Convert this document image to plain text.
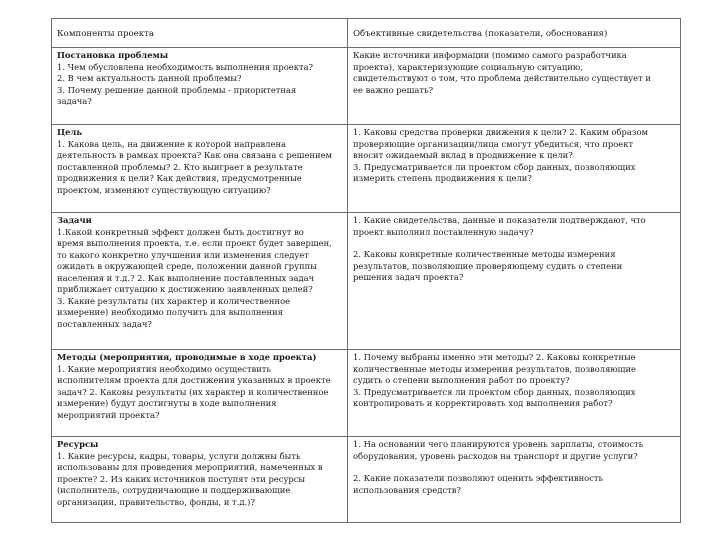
Компоненты проекта	Объективные свидетельства (показатели, обоснования)
Постановка проблемы
1. Чем обусловлена необходимость выполнения проекта?
2. В чем актуальность данной проблемы?
3. Почему решение данной проблемы - приоритетная
задача?
Какие источники информации (помимо самого разработчика
проекта), характеризующие социальную ситуацию,
свидетельствуют о том, что проблема действительно существует и
ее важно решать?
Цель
1. Какова цель, на движение к которой направлена
деятельность в рамках проекта? Как она связана с решением
поставленной проблемы? 2. Кто выиграет в результате
продвижения к цели? Как действия, предусмотренные
проектом, изменяют существующую ситуацию?
1. Каковы средства проверки движения к цели? 2. Каким образом
проверяющие организации/лица смогут убедиться, что проект
вносит ожидаемый вклад в продвижение к цели?
3. Предусматривается ли проектом сбор данных, позволяющих
измерить степень продвижения к цели?
Задачи
1.Какой конкретный эффект должен быть достигнут во
время выполнения проекта, т.е. если проект будет завершен,
то какого конкретно улучшения или изменения следует
ожидать в окружающей среде, положении данной группы
населения и т.д.? 2. Как выполнение поставленных задач
приближает ситуацию к достижению заявленных целей?
3. Какие результаты (их характер и количественное
измерение) необходимо получить для выполнения
поставленных задач?
1. Какие свидетельства, данные и показатели подтверждают, что
проект выполнил поставленную задачу?
2. Каковы конкретные количественные методы измерения
результатов, позволяющие проверяющему судить о степени
решения задач проекта?
Методы (мероприятия, проводимые в ходе проекта)
1. Какие мероприятия необходимо осуществить
исполнителям проекта для достижения указанных в проекте
задач? 2. Каковы результаты (их характер и количественное
измерение) будут достигнуты в ходе выполнения
мероприятий проекта?
1. Почему выбраны именно эти методы? 2. Каковы конкретные
количественные методы измерения результатов, позволяющие
судить о степени выполнения работ по проекту?
3. Предусматривается ли проектом сбор данных, позволяющих
контролировать и корректировать ход выполнения работ?
Ресурсы
1. Какие ресурсы, кадры, товары, услуги должны быть
использованы для проведения мероприятий, намеченных в
проекте? 2. Из каких источников поступят эти ресурсы
(исполнитель, сотрудничающие и поддерживающие
организации, правительство, фонды, и т.д.)?
1. На основании чего планируются уровень зарплаты, стоимость
оборудования, уровень расходов на транспорт и другие услуги?
2. Какие показатели позволяют оценить эффективность
использования средств?
